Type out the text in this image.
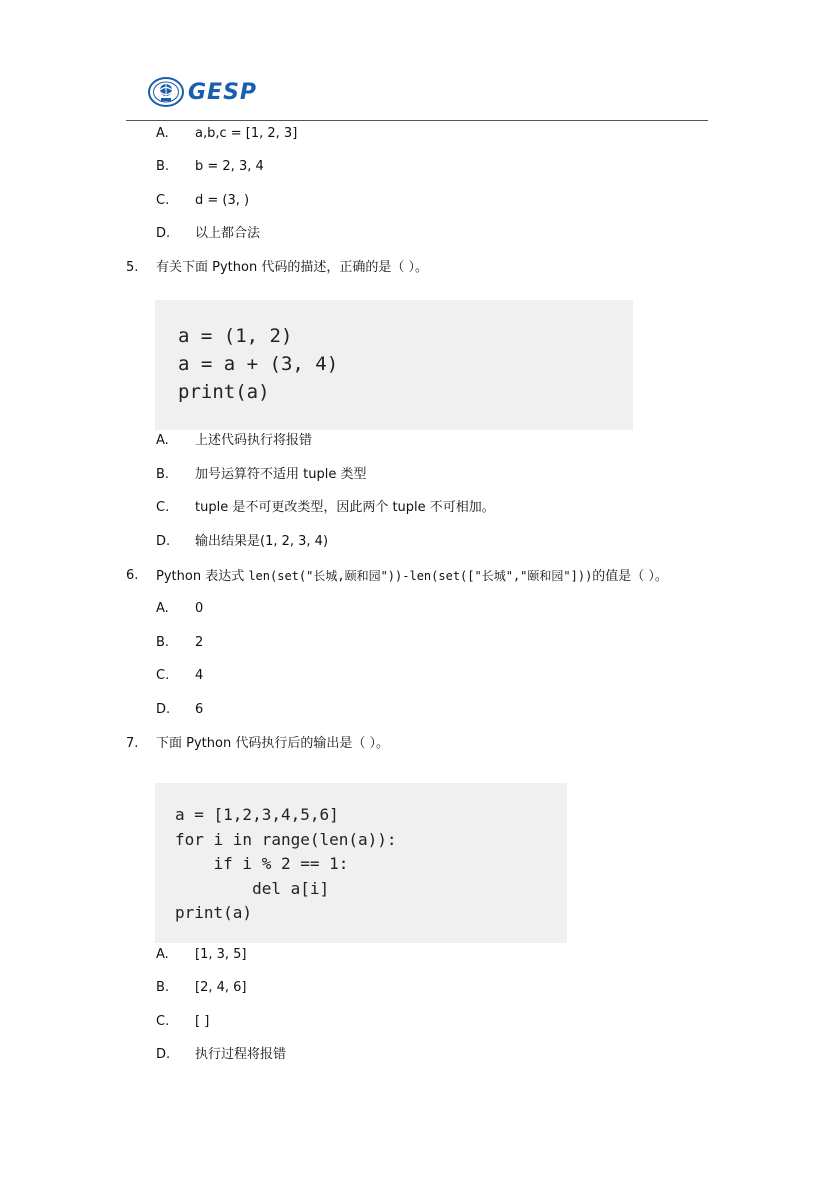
GESP
A. a,b,c = [1, 2, 3]
B. b = 2, 3, 4
C. d = (3, )
D. 以上都合法
5. 有关下面 Python 代码的描述，正确的是（ ）。
a = (1, 2)
a = a + (3, 4)
print(a)
A. 上述代码执行将报错
B. 加号运算符不适用 tuple 类型
C. tuple 是不可更改类型，因此两个 tuple 不可相加。
D. 输出结果是(1, 2, 3, 4)
6. Python 表达式 len(set("长城,颐和园"))-len(set(["长城","颐和园"]))的值是（ ）。
A. 0
B. 2
C. 4
D. 6
7. 下面 Python 代码执行后的输出是（ ）。
a = [1,2,3,4,5,6]
for i in range(len(a)):
if i % 2 == 1:
del a[i]
print(a)
A. [1, 3, 5]
B. [2, 4, 6]
C. [ ]
D. 执行过程将报错
